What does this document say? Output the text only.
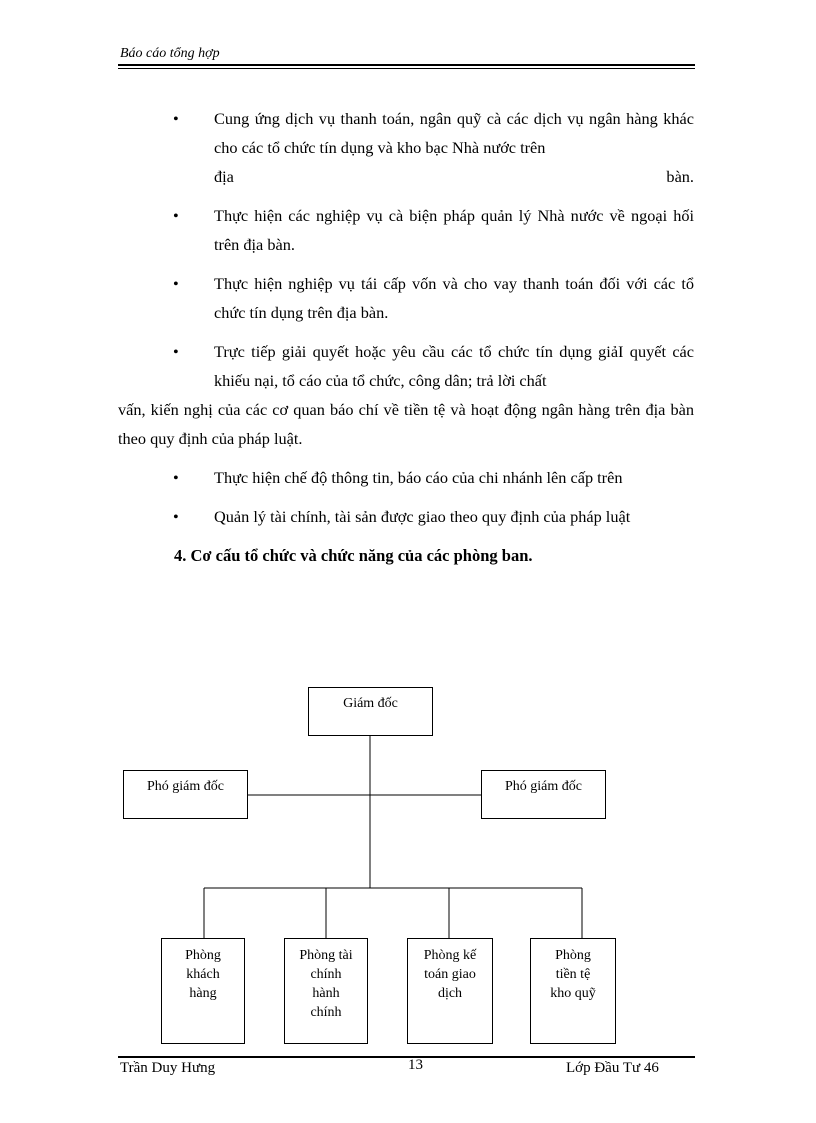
Báo cáo tổng hợp
• Cung ứng dịch vụ thanh toán, ngân quỹ cà các dịch vụ ngân hàng khác cho các tổ chức tín dụng và kho bạc Nhà nước trên
địa	bàn.
• Thực hiện các nghiệp vụ cà biện pháp quản lý Nhà nước về ngoại hối trên địa bàn.
• Thực hiện nghiệp vụ tái cấp vốn và cho vay thanh toán đối với các tổ chức tín dụng trên địa bàn.
• Trực tiếp giải quyết hoặc yêu cầu các tổ chức tín dụng giảI quyết các khiếu nại, tổ cáo của tổ chức, công dân; trả lời chất
vấn, kiến nghị của các cơ quan báo chí về tiền tệ và hoạt động ngân hàng trên địa bàn theo quy định của pháp luật.
• Thực hiện chế độ thông tin, báo cáo của chi nhánh lên cấp trên
• Quản lý tài chính, tài sản được giao theo quy định của pháp luật
4. Cơ cấu tổ chức và chức năng của các phòng ban.
Giám đốc
Phó giám đốc	Phó giám đốc
Phòng
khách
hàng
Phòng tài
chính
hành
chính
Phòng kế
toán giao
dịch
Phòng
tiền tệ
kho quỹ
Trần Duy Hưng	13	Lớp Đầu Tư 46
